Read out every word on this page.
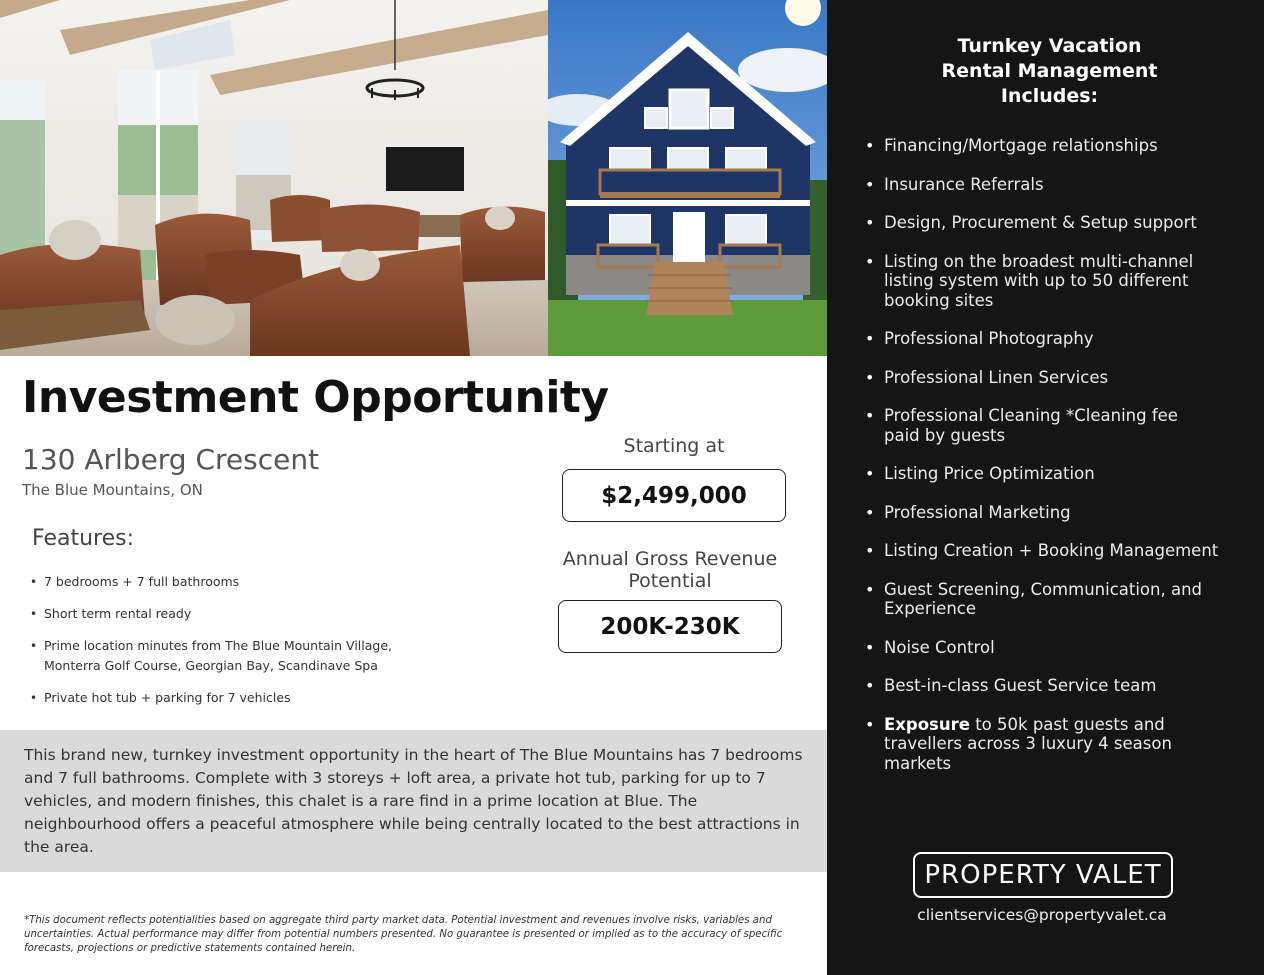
Investment Opportunity
130 Arlberg Crescent
The Blue Mountains, ON
Features:
• 7 bedrooms + 7 full bathrooms
• Short term rental ready
• Prime location minutes from The Blue Mountain Village, Monterra Golf Course, Georgian Bay, Scandinave Spa
• Private hot tub + parking for 7 vehicles
Starting at
$2,499,000
Annual Gross Revenue Potential
200K-230K
This brand new, turnkey investment opportunity in the heart of The Blue Mountains has 7 bedrooms and 7 full bathrooms. Complete with 3 storeys + loft area, a private hot tub, parking for up to 7 vehicles, and modern finishes, this chalet is a rare find in a prime location at Blue. The neighbourhood offers a peaceful atmosphere while being centrally located to the best attractions in the area.
*This document reflects potentialities based on aggregate third party market data. Potential investment and revenues involve risks, variables and uncertainties. Actual performance may differ from potential numbers presented. No guarantee is presented or implied as to the accuracy of specific forecasts, projections or predictive statements contained herein.
Turnkey Vacation Rental Management Includes:
• Financing/Mortgage relationships
• Insurance Referrals
• Design, Procurement & Setup support
• Listing on the broadest multi-channel listing system with up to 50 different booking sites
• Professional Photography
• Professional Linen Services
• Professional Cleaning *Cleaning fee paid by guests
• Listing Price Optimization
• Professional Marketing
• Listing Creation + Booking Management
• Guest Screening, Communication, and Experience
• Noise Control
• Best-in-class Guest Service team
• Exposure to 50k past guests and travellers across 3 luxury 4 season markets
PROPERTY VALET
clientservices@propertyvalet.ca
